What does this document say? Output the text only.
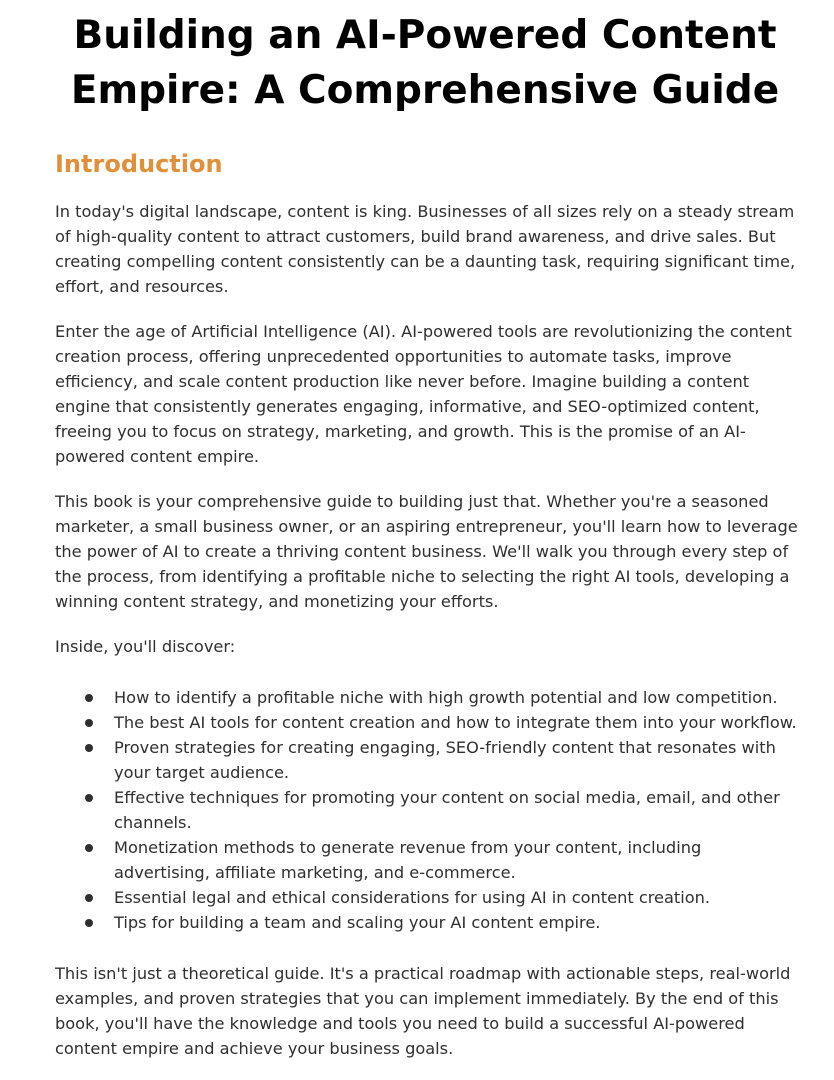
Building an AI-Powered Content
Empire: A Comprehensive Guide
Introduction

In today's digital landscape, content is king. Businesses of all sizes rely on a steady stream of high-quality content to attract customers, build brand awareness, and drive sales. But creating compelling content consistently can be a daunting task, requiring significant time, effort, and resources.

Enter the age of Artificial Intelligence (AI). AI-powered tools are revolutionizing the content creation process, offering unprecedented opportunities to automate tasks, improve efficiency, and scale content production like never before. Imagine building a content engine that consistently generates engaging, informative, and SEO-optimized content, freeing you to focus on strategy, marketing, and growth. This is the promise of an AI-powered content empire.

This book is your comprehensive guide to building just that. Whether you're a seasoned marketer, a small business owner, or an aspiring entrepreneur, you'll learn how to leverage the power of AI to create a thriving content business. We'll walk you through every step of the process, from identifying a profitable niche to selecting the right AI tools, developing a winning content strategy, and monetizing your efforts.

Inside, you'll discover:

How to identify a profitable niche with high growth potential and low competition.
The best AI tools for content creation and how to integrate them into your workflow.
Proven strategies for creating engaging, SEO-friendly content that resonates with your target audience.
Effective techniques for promoting your content on social media, email, and other channels.
Monetization methods to generate revenue from your content, including advertising, affiliate marketing, and e-commerce.
Essential legal and ethical considerations for using AI in content creation.
Tips for building a team and scaling your AI content empire.

This isn't just a theoretical guide. It's a practical roadmap with actionable steps, real-world examples, and proven strategies that you can implement immediately. By the end of this book, you'll have the knowledge and tools you need to build a successful AI-powered content empire and achieve your business goals.
